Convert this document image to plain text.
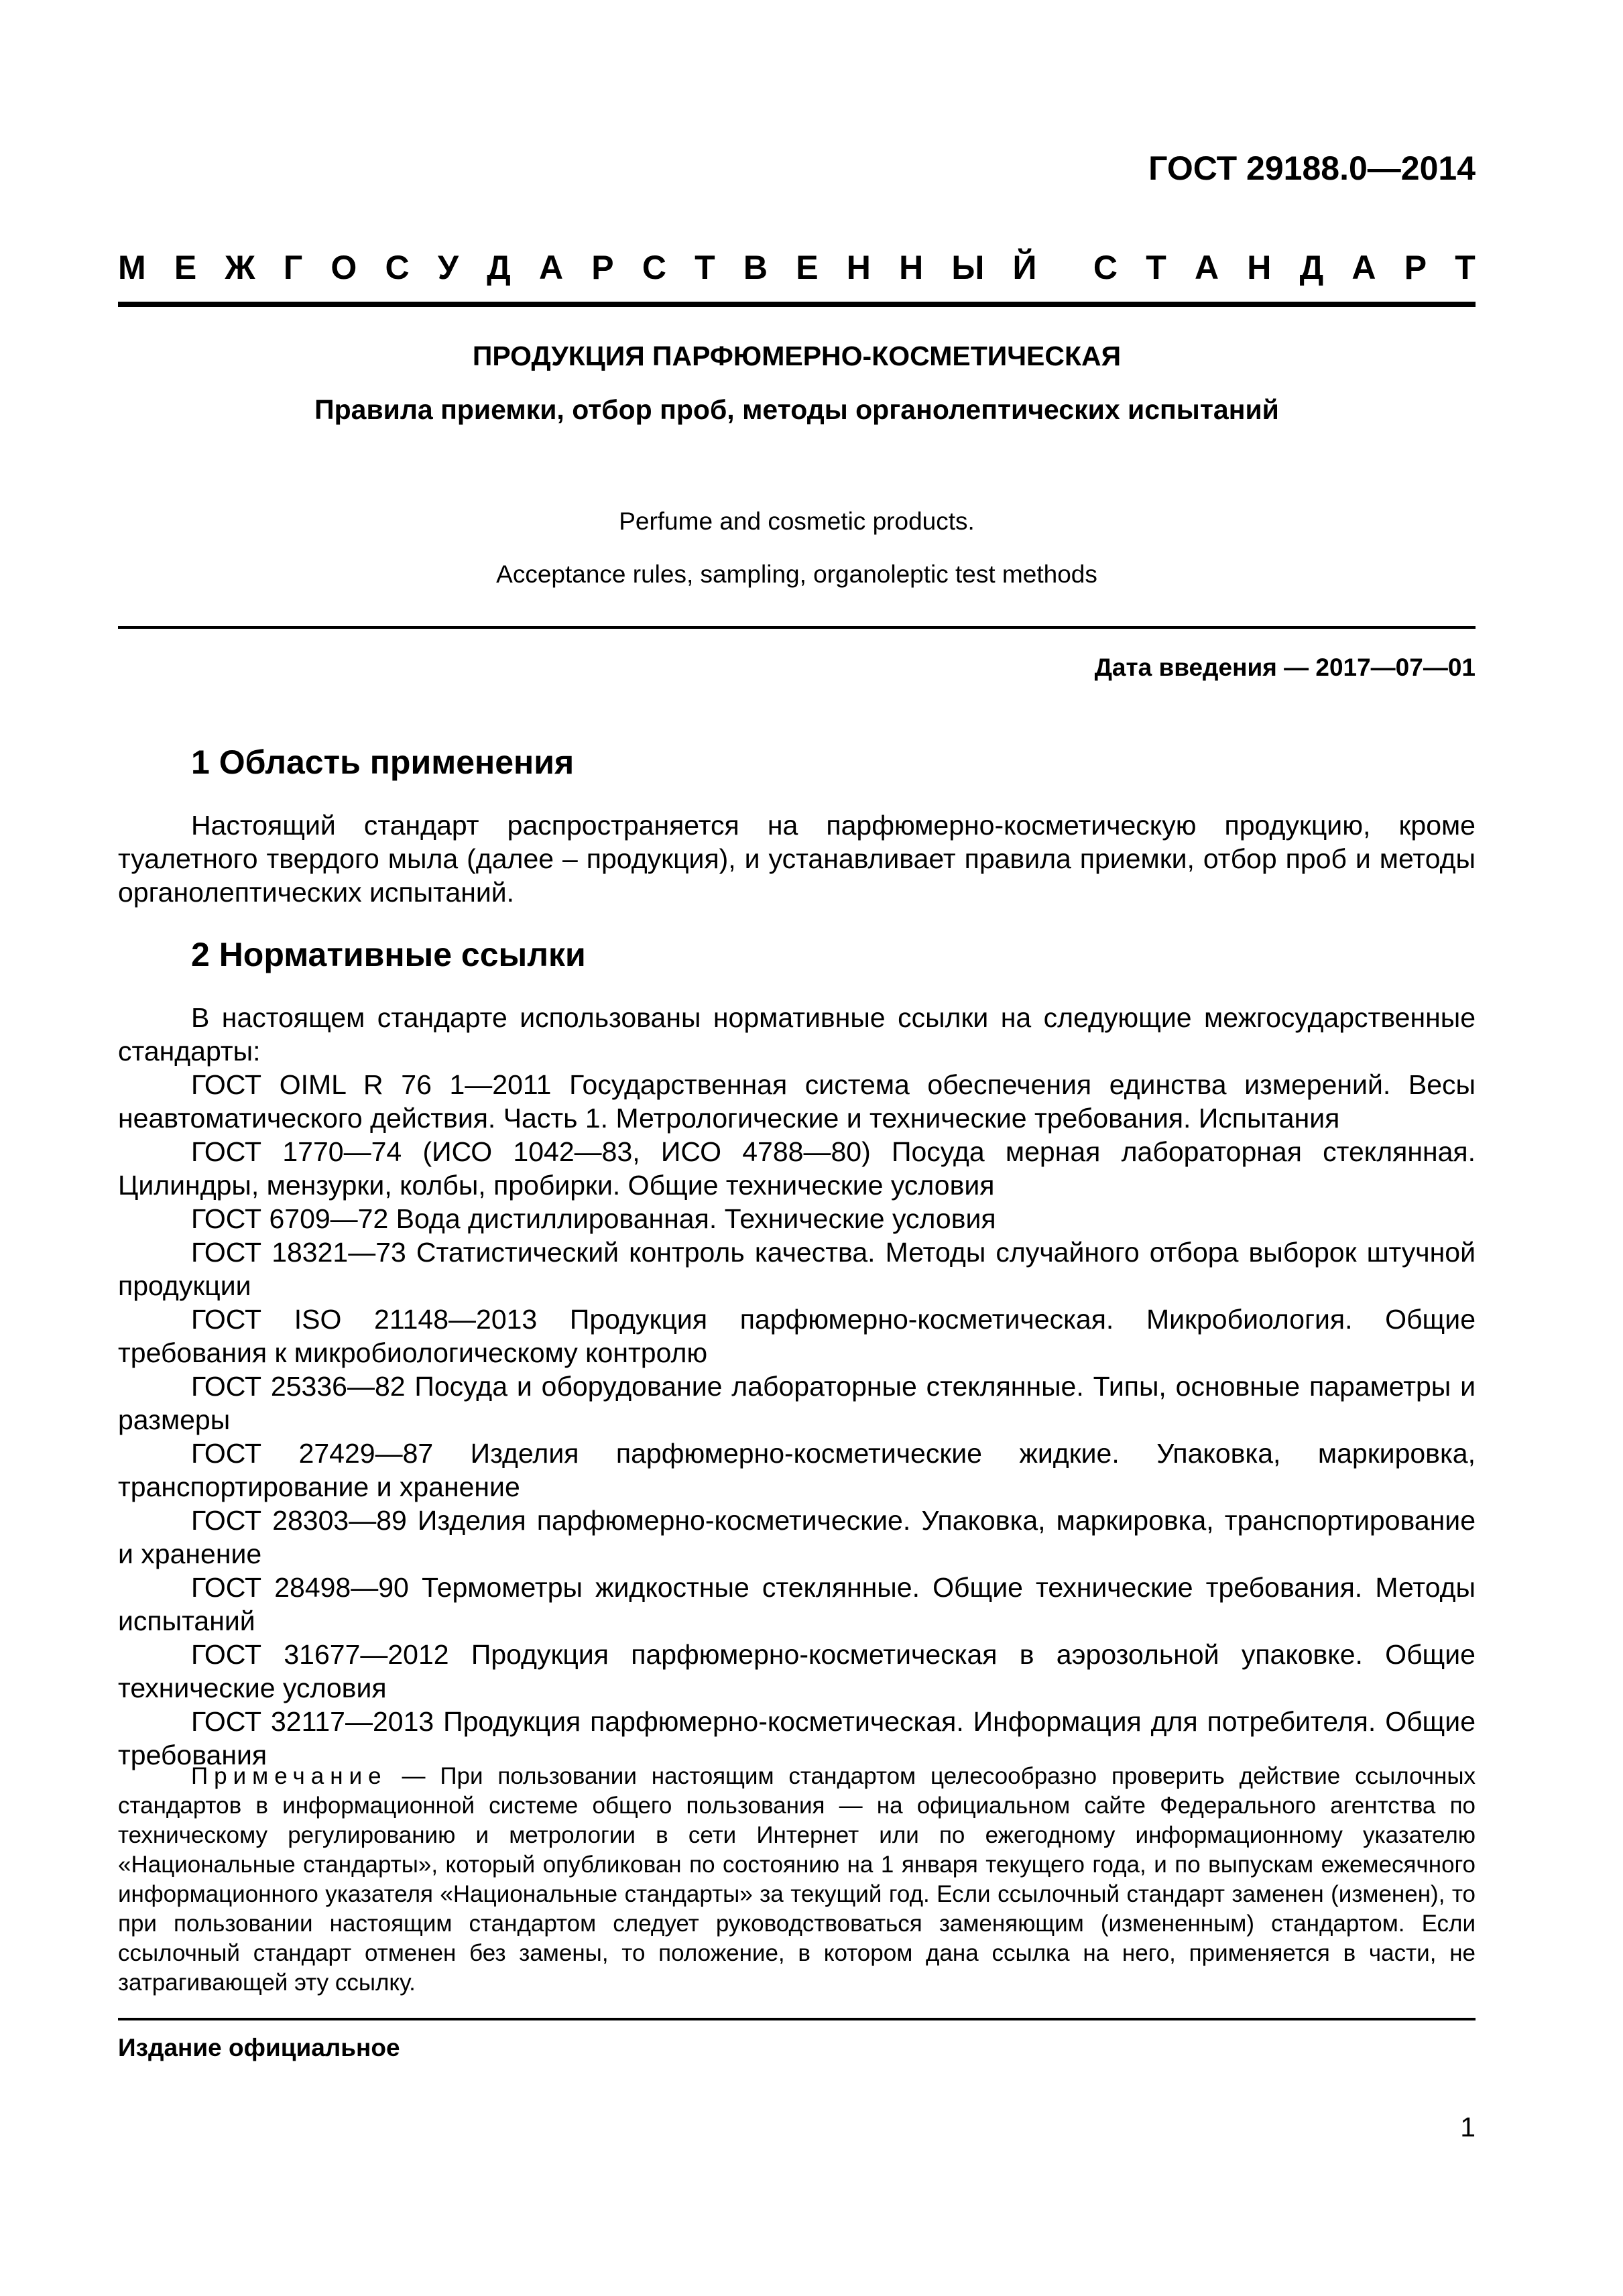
ГОСТ 29188.0—2014
М Е Ж Г О С У Д А Р С Т В Е Н Н Ы Й С Т А Н Д А Р Т
ПРОДУКЦИЯ ПАРФЮМЕРНО-КОСМЕТИЧЕСКАЯ
Правила приемки, отбор проб, методы органолептических испытаний
Perfume and cosmetic products.
Acceptance rules, sampling, organoleptic test methods
Дата введения — 2017—07—01
1 Область применения

Настоящий стандарт распространяется на парфюмерно-косметическую продукцию, кроме туалетного твердого мыла (далее – продукция), и устанавливает правила приемки, отбор проб и методы органолептических испытаний.

2 Нормативные ссылки

В настоящем стандарте использованы нормативные ссылки на следующие межгосударственные стандарты:

ГОСТ OIML R 76 1—2011 Государственная система обеспечения единства измерений. Весы неавтоматического действия. Часть 1. Метрологические и технические требования. Испытания

ГОСТ 1770—74 (ИСО 1042—83, ИСО 4788—80) Посуда мерная лабораторная стеклянная. Цилиндры, мензурки, колбы, пробирки. Общие технические условия

ГОСТ 6709—72 Вода дистиллированная. Технические условия

ГОСТ 18321—73 Статистический контроль качества. Методы случайного отбора выборок штучной продукции

ГОСТ ISO 21148—2013 Продукция парфюмерно-косметическая. Микробиология. Общие требования к микробиологическому контролю

ГОСТ 25336—82 Посуда и оборудование лабораторные стеклянные. Типы, основные параметры и размеры

ГОСТ 27429—87 Изделия парфюмерно-косметические жидкие. Упаковка, маркировка, транспортирование и хранение

ГОСТ 28303—89 Изделия парфюмерно-косметические. Упаковка, маркировка, транспортирование и хранение

ГОСТ 28498—90 Термометры жидкостные стеклянные. Общие технические требования. Методы испытаний

ГОСТ 31677—2012 Продукция парфюмерно-косметическая в аэрозольной упаковке. Общие технические условия

ГОСТ 32117—2013 Продукция парфюмерно-косметическая. Информация для потребителя. Общие требования

Примечание — При пользовании настоящим стандартом целесообразно проверить действие ссылочных стандартов в информационной системе общего пользования — на официальном сайте Федерального агентства по техническому регулированию и метрологии в сети Интернет или по ежегодному информационному указателю «Национальные стандарты», который опубликован по состоянию на 1 января текущего года, и по выпускам ежемесячного информационного указателя «Национальные стандарты» за текущий год. Если ссылочный стандарт заменен (изменен), то при пользовании настоящим стандартом следует руководствоваться заменяющим (измененным) стандартом. Если ссылочный стандарт отменен без замены, то положение, в котором дана ссылка на него, применяется в части, не затрагивающей эту ссылку.
Издание официальное
1
